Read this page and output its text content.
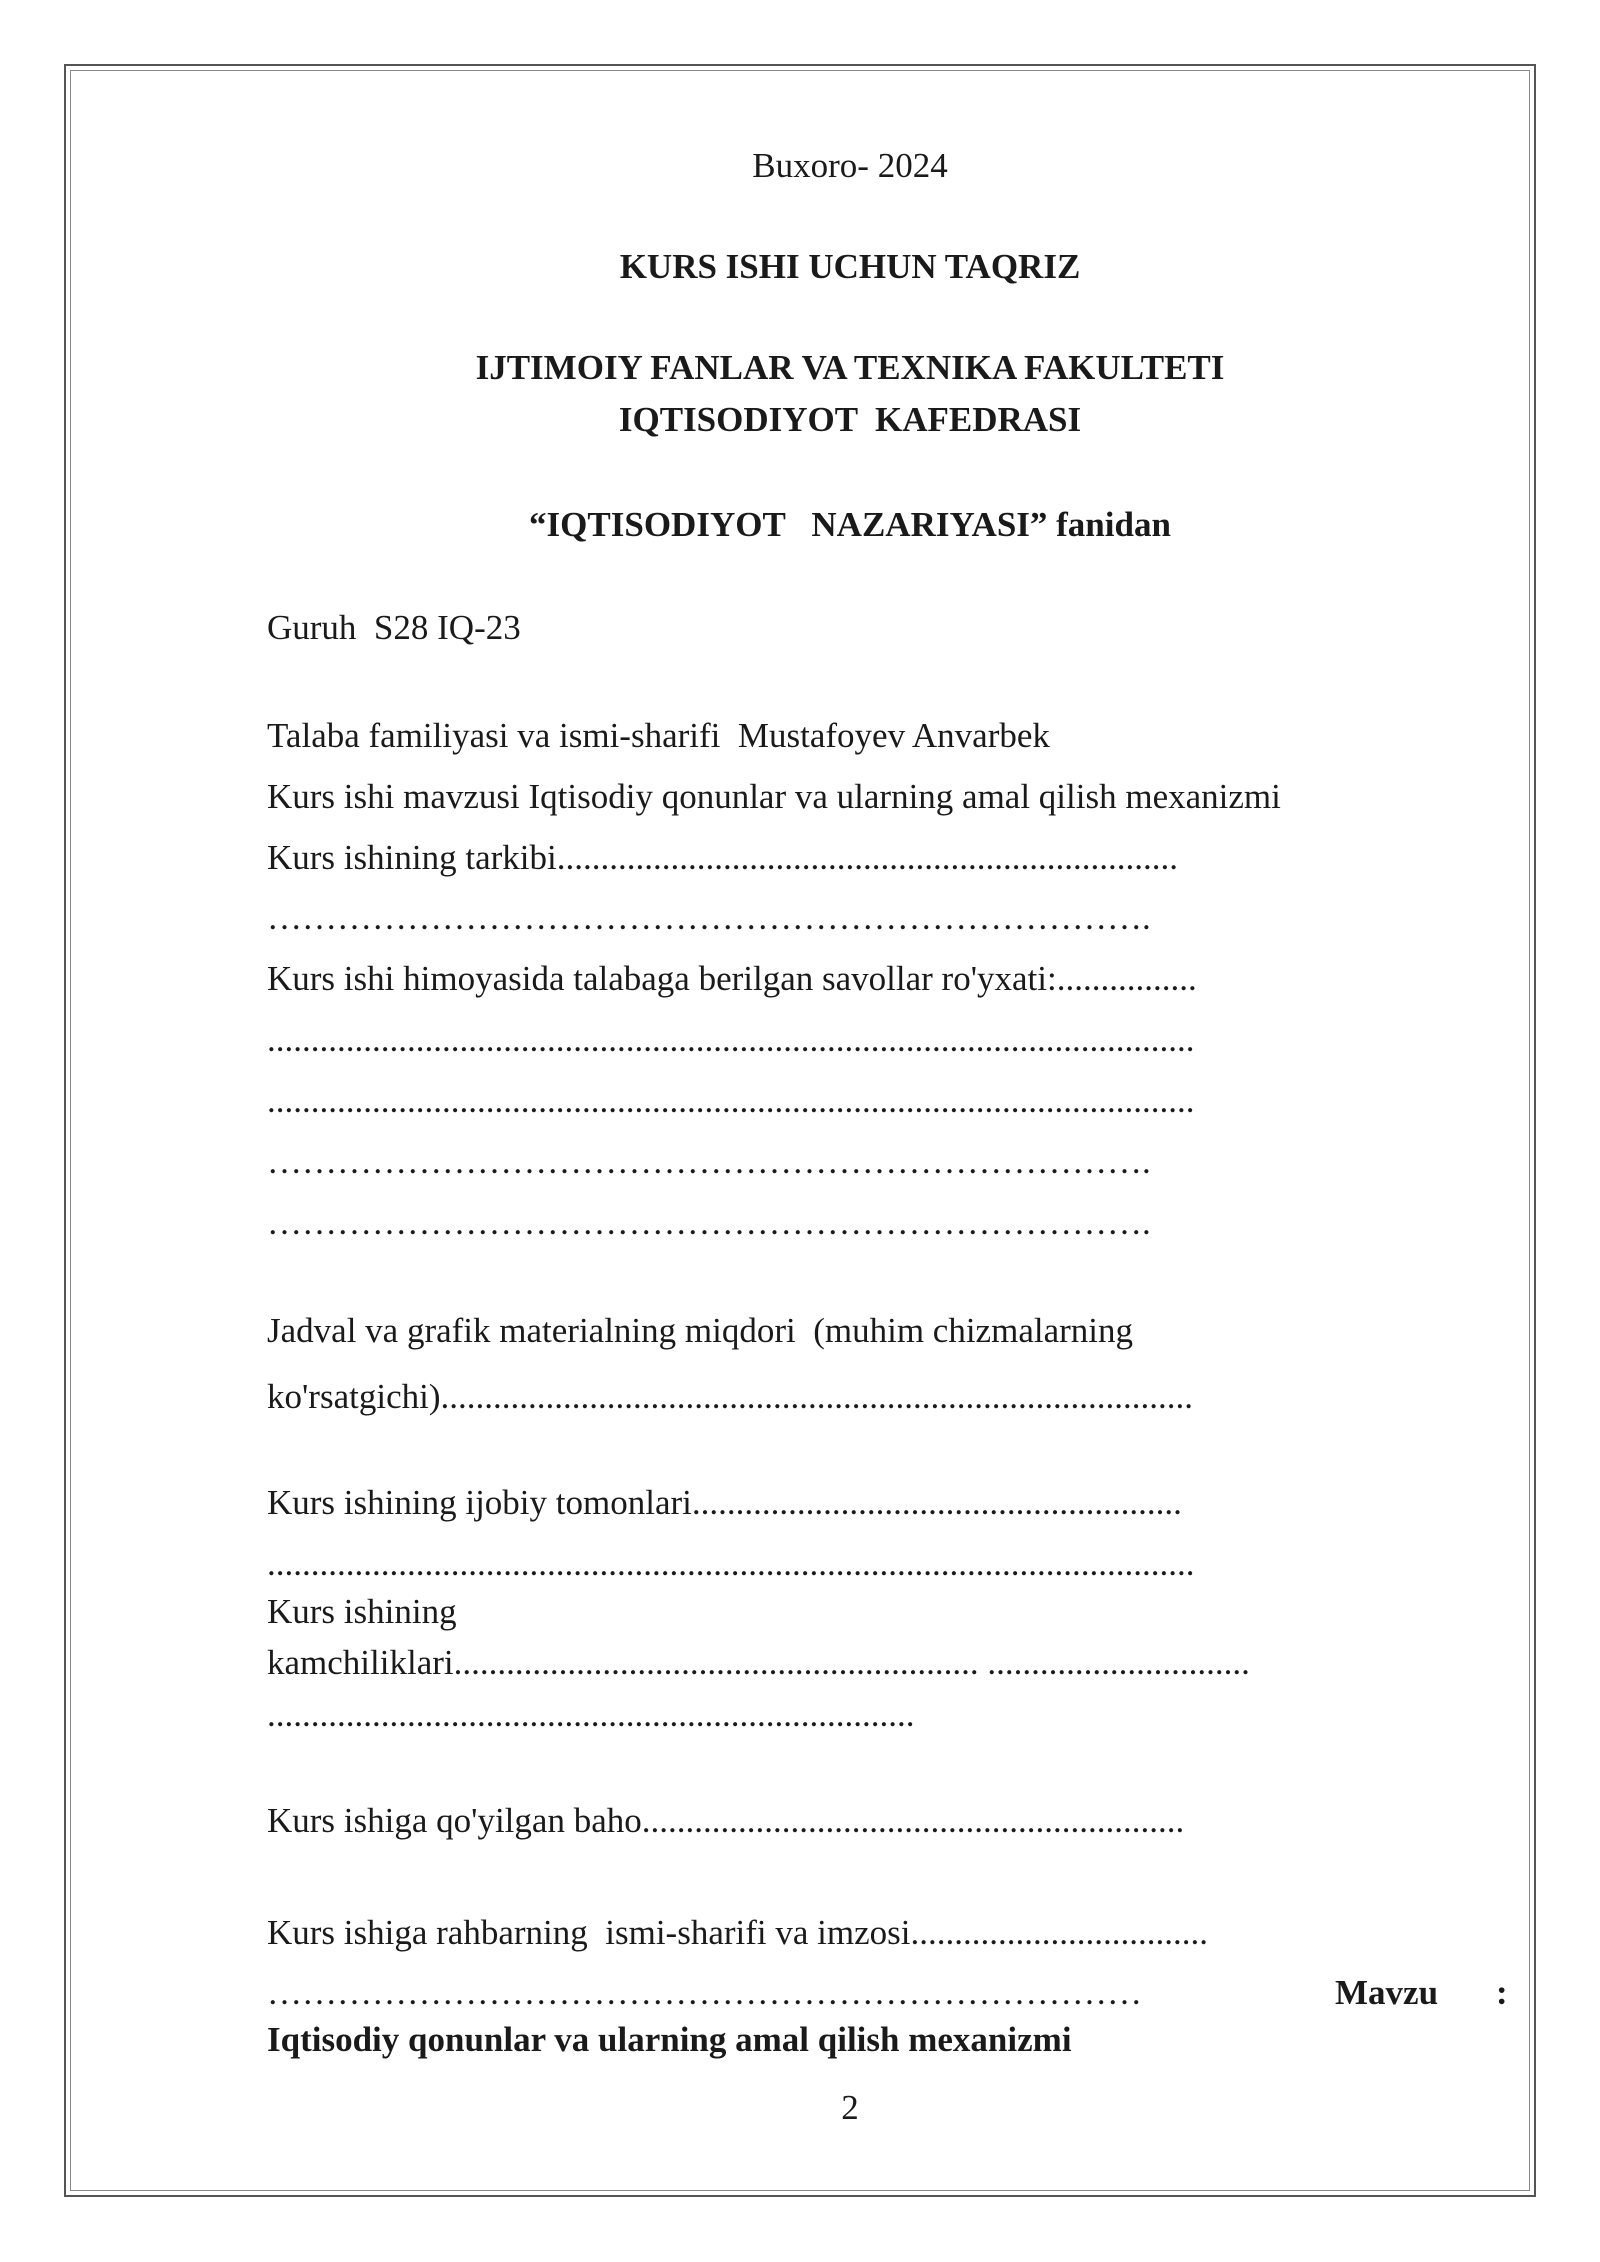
Buxoro- 2024
KURS ISHI UCHUN TAQRIZ
IJTIMOIY FANLAR VA TEXNIKA FAKULTETI
IQTISODIYOT  KAFEDRASI
“IQTISODIYOT   NAZARIYASI” fanidan
Guruh  S28 IQ-23
Talaba familiyasi va ismi-sharifi  Mustafoyev Anvarbek
Kurs ishi mavzusi Iqtisodiy qonunlar va ularning amal qilish mexanizmi
Kurs ishining tarkibi.......................................................................
………………………………………………………………….
Kurs ishi himoyasida talabaga berilgan savollar ro'yxati:................
..........................................................................................................
..........................................................................................................
………………………………………………………………….
………………………………………………………………….
Jadval va grafik materialning miqdori  (muhim chizmalarning
ko'rsatgichi)......................................................................................
Kurs ishining ijobiy tomonlari........................................................
..........................................................................................................
Kurs ishining
kamchiliklari............................................................ ..............................
..........................................................................
Kurs ishiga qo'yilgan baho..............................................................
Kurs ishiga rahbarning  ismi-sharifi va imzosi..................................
…………………………………………………………………	Mavzu :
Iqtisodiy qonunlar va ularning amal qilish mexanizmi
2
